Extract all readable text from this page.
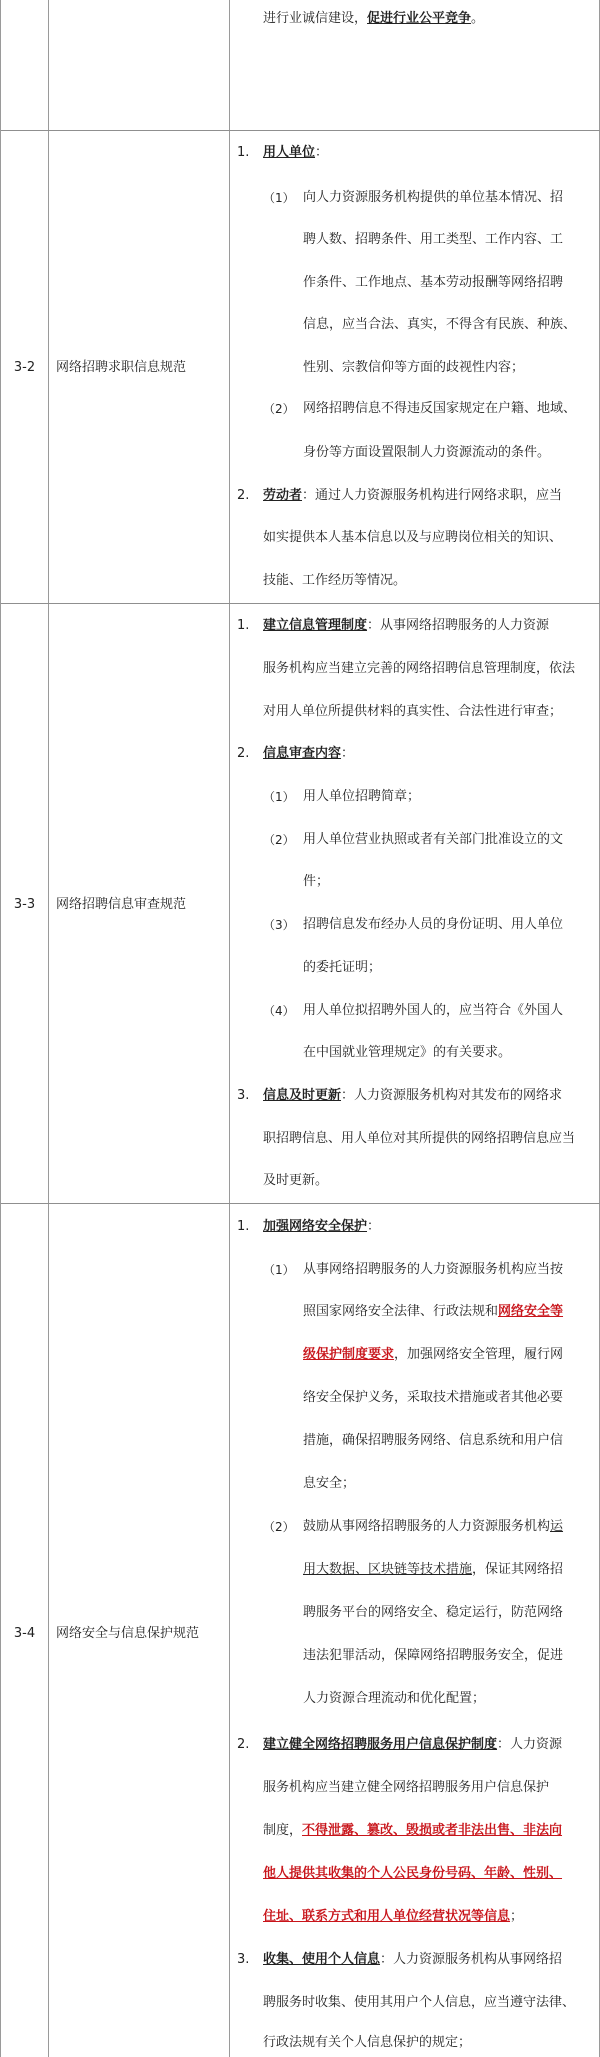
进行业诚信建设，促进行业公平竞争。
3-2	网络招聘求职信息规范
1. 用人单位：
（1） 向人力资源服务机构提供的单位基本情况、招
聘人数、招聘条件、用工类型、工作内容、工
作条件、工作地点、基本劳动报酬等网络招聘
信息，应当合法、真实，不得含有民族、种族、
性别、宗教信仰等方面的歧视性内容；
（2） 网络招聘信息不得违反国家规定在户籍、地域、
身份等方面设置限制人力资源流动的条件。
2. 劳动者：通过人力资源服务机构进行网络求职，应当
如实提供本人基本信息以及与应聘岗位相关的知识、
技能、工作经历等情况。
3-3	网络招聘信息审查规范
1. 建立信息管理制度：从事网络招聘服务的人力资源
服务机构应当建立完善的网络招聘信息管理制度，依法
对用人单位所提供材料的真实性、合法性进行审查；
2. 信息审查内容：
（1） 用人单位招聘简章；
（2） 用人单位营业执照或者有关部门批准设立的文
件；
（3） 招聘信息发布经办人员的身份证明、用人单位
的委托证明；
（4） 用人单位拟招聘外国人的，应当符合《外国人
在中国就业管理规定》的有关要求。
3. 信息及时更新：人力资源服务机构对其发布的网络求
职招聘信息、用人单位对其所提供的网络招聘信息应当
及时更新。
3-4	网络安全与信息保护规范
1. 加强网络安全保护：
（1） 从事网络招聘服务的人力资源服务机构应当按
照国家网络安全法律、行政法规和网络安全等
级保护制度要求，加强网络安全管理，履行网
络安全保护义务，采取技术措施或者其他必要
措施，确保招聘服务网络、信息系统和用户信
息安全；
（2） 鼓励从事网络招聘服务的人力资源服务机构运
用大数据、区块链等技术措施，保证其网络招
聘服务平台的网络安全、稳定运行，防范网络
违法犯罪活动，保障网络招聘服务安全，促进
人力资源合理流动和优化配置；
2. 建立健全网络招聘服务用户信息保护制度：人力资源
服务机构应当建立健全网络招聘服务用户信息保护
制度，不得泄露、篡改、毁损或者非法出售、非法向
他人提供其收集的个人公民身份号码、年龄、性别、
住址、联系方式和用人单位经营状况等信息；
3. 收集、使用个人信息：人力资源服务机构从事网络招
聘服务时收集、使用其用户个人信息，应当遵守法律、
行政法规有关个人信息保护的规定；
